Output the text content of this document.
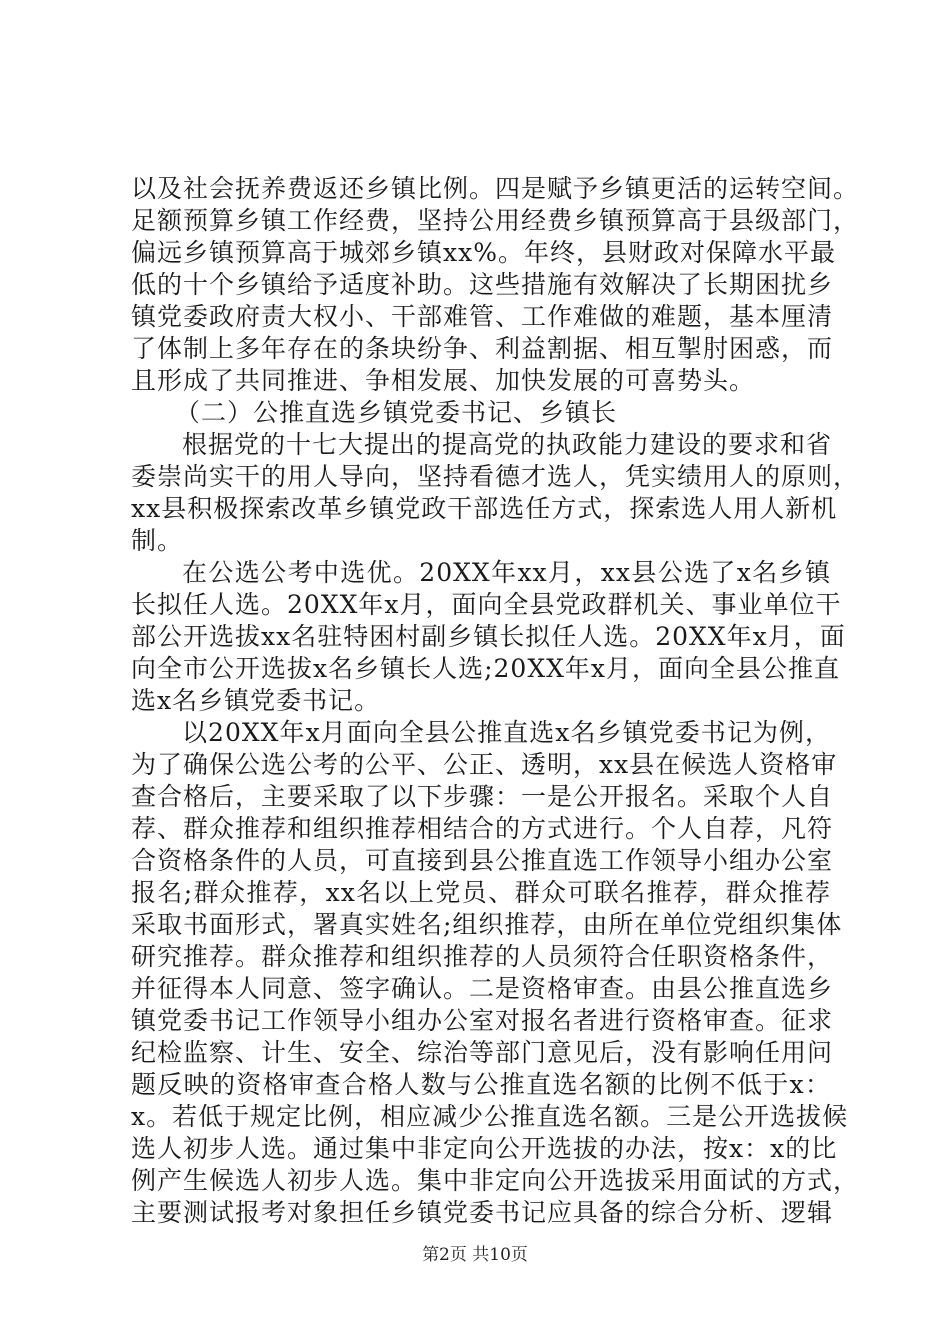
以及社会抚养费返还乡镇比例。四是赋予乡镇更活的运转空间。
足额预算乡镇工作经费，坚持公用经费乡镇预算高于县级部门，
偏远乡镇预算高于城郊乡镇xx%。年终，县财政对保障水平最
低的十个乡镇给予适度补助。这些措施有效解决了长期困扰乡
镇党委政府责大权小、干部难管、工作难做的难题，基本厘清
了体制上多年存在的条块纷争、利益割据、相互掣肘困惑，而
且形成了共同推进、争相发展、加快发展的可喜势头。
（二）公推直选乡镇党委书记、乡镇长
根据党的十七大提出的提高党的执政能力建设的要求和省
委崇尚实干的用人导向，坚持看德才选人，凭实绩用人的原则，
xx县积极探索改革乡镇党政干部选任方式，探索选人用人新机
制。
在公选公考中选优。20XX年xx月，xx县公选了x名乡镇
长拟任人选。20XX年x月，面向全县党政群机关、事业单位干
部公开选拔xx名驻特困村副乡镇长拟任人选。20XX年x月，面
向全市公开选拔x名乡镇长人选;20XX年x月，面向全县公推直
选x名乡镇党委书记。
以20XX年x月面向全县公推直选x名乡镇党委书记为例，
为了确保公选公考的公平、公正、透明，xx县在候选人资格审
查合格后，主要采取了以下步骤：一是公开报名。采取个人自
荐、群众推荐和组织推荐相结合的方式进行。个人自荐，凡符
合资格条件的人员，可直接到县公推直选工作领导小组办公室
报名;群众推荐，xx名以上党员、群众可联名推荐，群众推荐
采取书面形式，署真实姓名;组织推荐，由所在单位党组织集体
研究推荐。群众推荐和组织推荐的人员须符合任职资格条件，
并征得本人同意、签字确认。二是资格审查。由县公推直选乡
镇党委书记工作领导小组办公室对报名者进行资格审查。征求
纪检监察、计生、安全、综治等部门意见后，没有影响任用问
题反映的资格审查合格人数与公推直选名额的比例不低于x：
x。若低于规定比例，相应减少公推直选名额。三是公开选拔候
选人初步人选。通过集中非定向公开选拔的办法，按x：x的比
例产生候选人初步人选。集中非定向公开选拔采用面试的方式，
主要测试报考对象担任乡镇党委书记应具备的综合分析、逻辑
第2页 共10页
